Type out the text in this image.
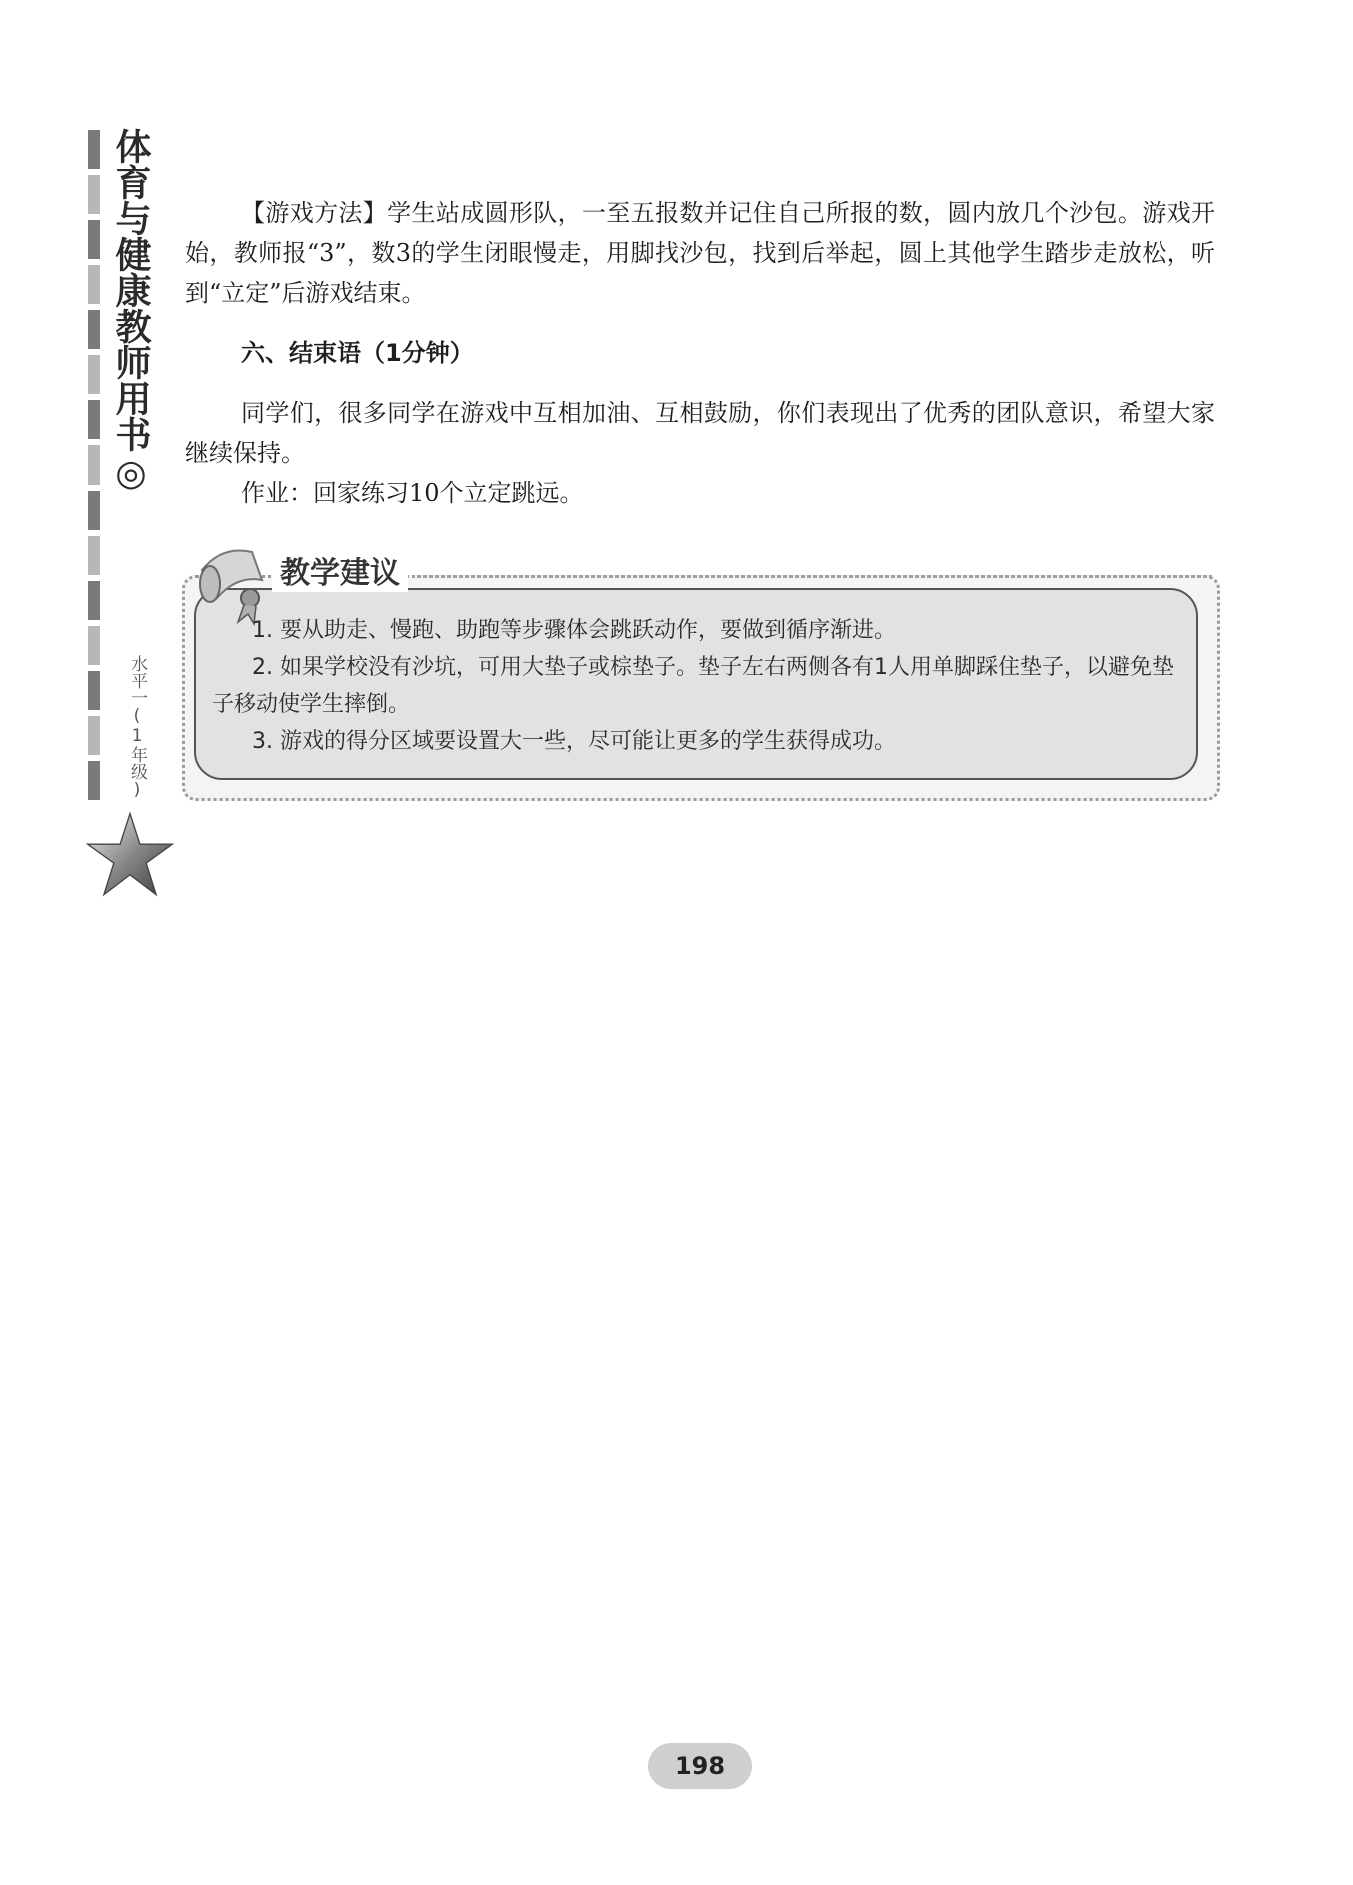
体育与健康教师用书◎
水平一(1年级)

【游戏方法】学生站成圆形队，一至五报数并记住自己所报的数，圆内放几个沙包。游戏开始，教师报“3”，数3的学生闭眼慢走，用脚找沙包，找到后举起，圆上其他学生踏步走放松，听到“立定”后游戏结束。

六、结束语（1分钟）

同学们，很多同学在游戏中互相加油、互相鼓励，你们表现出了优秀的团队意识，希望大家继续保持。

作业：回家练习10个立定跳远。

教学建议

1. 要从助走、慢跑、助跑等步骤体会跳跃动作，要做到循序渐进。

2. 如果学校没有沙坑，可用大垫子或棕垫子。垫子左右两侧各有1人用单脚踩住垫子，以避免垫子移动使学生摔倒。

3. 游戏的得分区域要设置大一些，尽可能让更多的学生获得成功。

198
